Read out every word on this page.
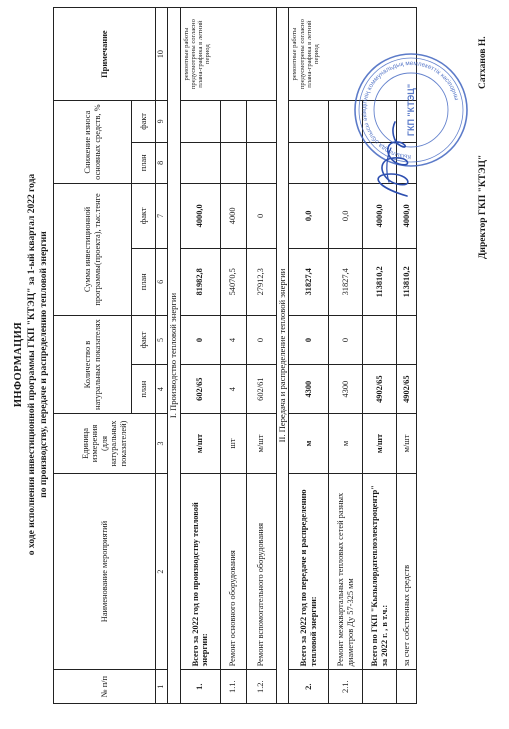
ИНФОРМАЦИЯ о ходе исполнения инвестиционной программы ГКП "КТЭЦ" за 1-ый квартал 2022 года по производству, передаче и распределению тепловой энергии
№ п/п	Наименование мероприятий	Единица измерения (для натуральных показателей)	Количество в натуральных показателях		Сумма инвестиционной программы(проекта), тыс.тенге		Снижение износа основных средств, %		Примечание
			план	факт	план	факт	план	факт	
1	2	3	4	5	6	7	8	9	10
I. Производство тепловой энергии									
1.	Всего за 2022 год по производству тепловой энергии:	м/шт	602/65	0	81982,8	4000,0			ремонтные работы предусмотрены согласно плана-графика в летний период
1.1.	Ремонт основного оборудования	шт	4	4	54070,5	4000			
1.2.	Ремонт вспомогательного оборудования	м/шт	602/61	0	27912,3	0			
II. Передача и распределение тепловой энергии									
2.	Всего за 2022 год по передаче и распределению тепловой энергии:	м	4300	0	31827,4	0,0			ремонтные работы предусмотрены согласно плана-графика в летний период
2.1.	Ремонт межквартальных тепловых сетей разных диаметров Ду 57-325 мм	м	4300	0	31827,4	0,0			
	Всего по ГКП "Кызылордатеплоэлектроцентр" за 2022 г. , в т.ч.:	м/шт	4902/65		113810,2	4000,0			
	за счет собственных средств	м/шт	4902/65		113810,2	4000,0			
Кызылорда облысы әкімдігінің коммунальдық мемлекеттік кәсіпорны
ГКП "КТЭЦ"
Директор ГКП "КТЭЦ"
Сатханов Н.
